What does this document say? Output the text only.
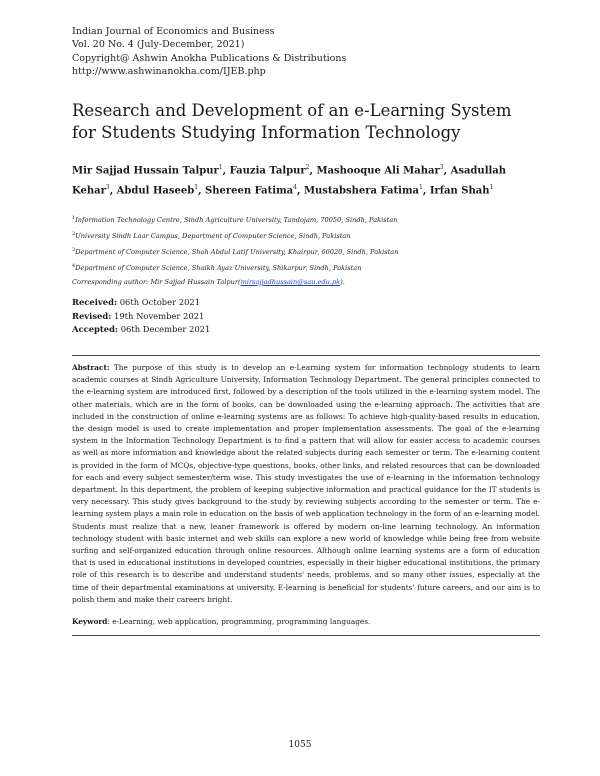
Indian Journal of Economics and Business
Vol. 20 No. 4 (July-December, 2021)
Copyright@ Ashwin Anokha Publications & Distributions
http://www.ashwinanokha.com/IJEB.php
Research and Development of an e-Learning System for Students Studying Information Technology
Mir Sajjad Hussain Talpur$^1$, Fauzia Talpur$^2$, Mashooque Ali Mahar$^3$, Asadullah Kehar$^3$, Abdul Haseeb$^1$, Shereen Fatima$^4$, Mustabshera Fatima$^1$, Irfan Shah$^1$
$^1$Information Technology Centre, Sindh Agriculture University, Tandojam, 70050, Sindh, Pakistan
$^2$University Sindh Laar Campus, Department of Computer Science, Sindh, Pakistan
$^3$Department of Computer Science, Shah Abdul Latif University, Khairpur, 66020, Sindh, Pakistan
$^4$Department of Computer Science, Shaikh Ayaz University, Shikarpur, Sindh, Pakistan
Corresponding author: Mir Sajjad Hussain Talpur(mirsajjadhussain@sau.edu.pk).
Received: 06th October 2021
Revised: 19th November 2021
Accepted: 06th December 2021

Abstract: The purpose of this study is to develop an e-Learning system for information technology students to learn academic courses at Sindh Agriculture University, Information Technology Department. The general principles connected to the e-learning system are introduced first, followed by a description of the tools utilized in the e-learning system model. The other materials, which are in the form of books, can be downloaded using the e-learning approach. The activities that are included in the construction of online e-learning systems are as follows: To achieve high-quality-based results in education, the design model is used to create implementation and proper implementation assessments. The goal of the e-learning system in the Information Technology Department is to find a pattern that will allow for easier access to academic courses as well as more information and knowledge about the related subjects during each semester or term. The e-learning content is provided in the form of MCQs, objective-type questions, books, other links, and related resources that can be downloaded for each and every subject semester/term wise. This study investigates the use of e-learning in the information technology department. In this department, the problem of keeping subjective information and practical guidance for the IT students is very necessary. This study gives background to the study by reviewing subjects according to the semester or term. The e-learning system plays a main role in education on the basis of web application technology in the form of an e-learning model. Students must realize that a new, leaner framework is offered by modern on-line learning technology. An information technology student with basic internet and web skills can explore a new world of knowledge while being free from website surfing and self-organized education through online resources. Although online learning systems are a form of education that is used in educational institutions in developed countries, especially in their higher educational institutions, the primary role of this research is to describe and understand students' needs, problems, and so many other issues, especially at the time of their departmental examinations at university. E-learning is beneficial for students' future careers, and our aim is to polish them and make their careers bright.

Keyword: e-Learning, web application, programming, programming languages.
1055
